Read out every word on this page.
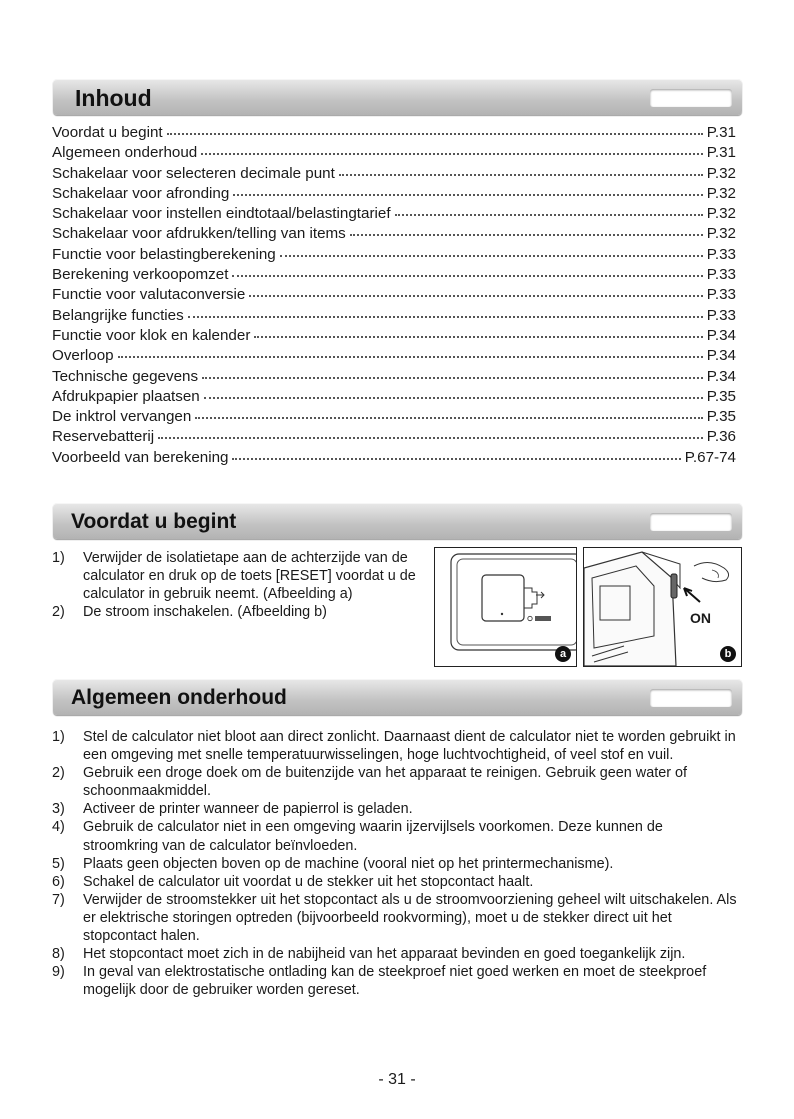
Inhoud
Voordat u begint	P.31
Algemeen onderhoud	P.31
Schakelaar voor selecteren decimale punt	P.32
Schakelaar voor afronding	P.32
Schakelaar voor instellen eindtotaal/belastingtarief	P.32
Schakelaar voor afdrukken/telling van items	P.32
Functie voor belastingberekening	P.33
Berekening verkoopomzet	P.33
Functie voor valutaconversie	P.33
Belangrijke functies	P.33
Functie voor klok en kalender	P.34
Overloop	P.34
Technische gegevens	P.34
Afdrukpapier plaatsen	P.35
De inktrol vervangen	P.35
Reservebatterij	P.36
Voorbeeld van berekening	P.67-74
Voordat u begint
1) Verwijder de isolatietape aan de achterzijde van de calculator en druk op de toets [RESET] voordat u de calculator in gebruik neemt. (Afbeelding a)
2) De stroom inschakelen. (Afbeelding b)
a
ON
b
Algemeen onderhoud
1) Stel de calculator niet bloot aan direct zonlicht. Daarnaast dient de calculator niet te worden gebruikt in een omgeving met snelle temperatuurwisselingen, hoge luchtvochtigheid, of veel stof en vuil.
2) Gebruik een droge doek om de buitenzijde van het apparaat te reinigen. Gebruik geen water of schoonmaakmiddel.
3) Activeer de printer wanneer de papierrol is geladen.
4) Gebruik de calculator niet in een omgeving waarin ijzervijlsels voorkomen. Deze kunnen de stroomkring van de calculator beïnvloeden.
5) Plaats geen objecten boven op de machine (vooral niet op het printermechanisme).
6) Schakel de calculator uit voordat u de stekker uit het stopcontact haalt.
7) Verwijder de stroomstekker uit het stopcontact als u de stroomvoorziening geheel wilt uitschakelen. Als er elektrische storingen optreden (bijvoorbeeld rookvorming), moet u de stekker direct uit het stopcontact halen.
8) Het stopcontact moet zich in de nabijheid van het apparaat bevinden en goed toegankelijk zijn.
9) In geval van elektrostatische ontlading kan de steekproef niet goed werken en moet de steekproef mogelijk door de gebruiker worden gereset.
- 31 -
